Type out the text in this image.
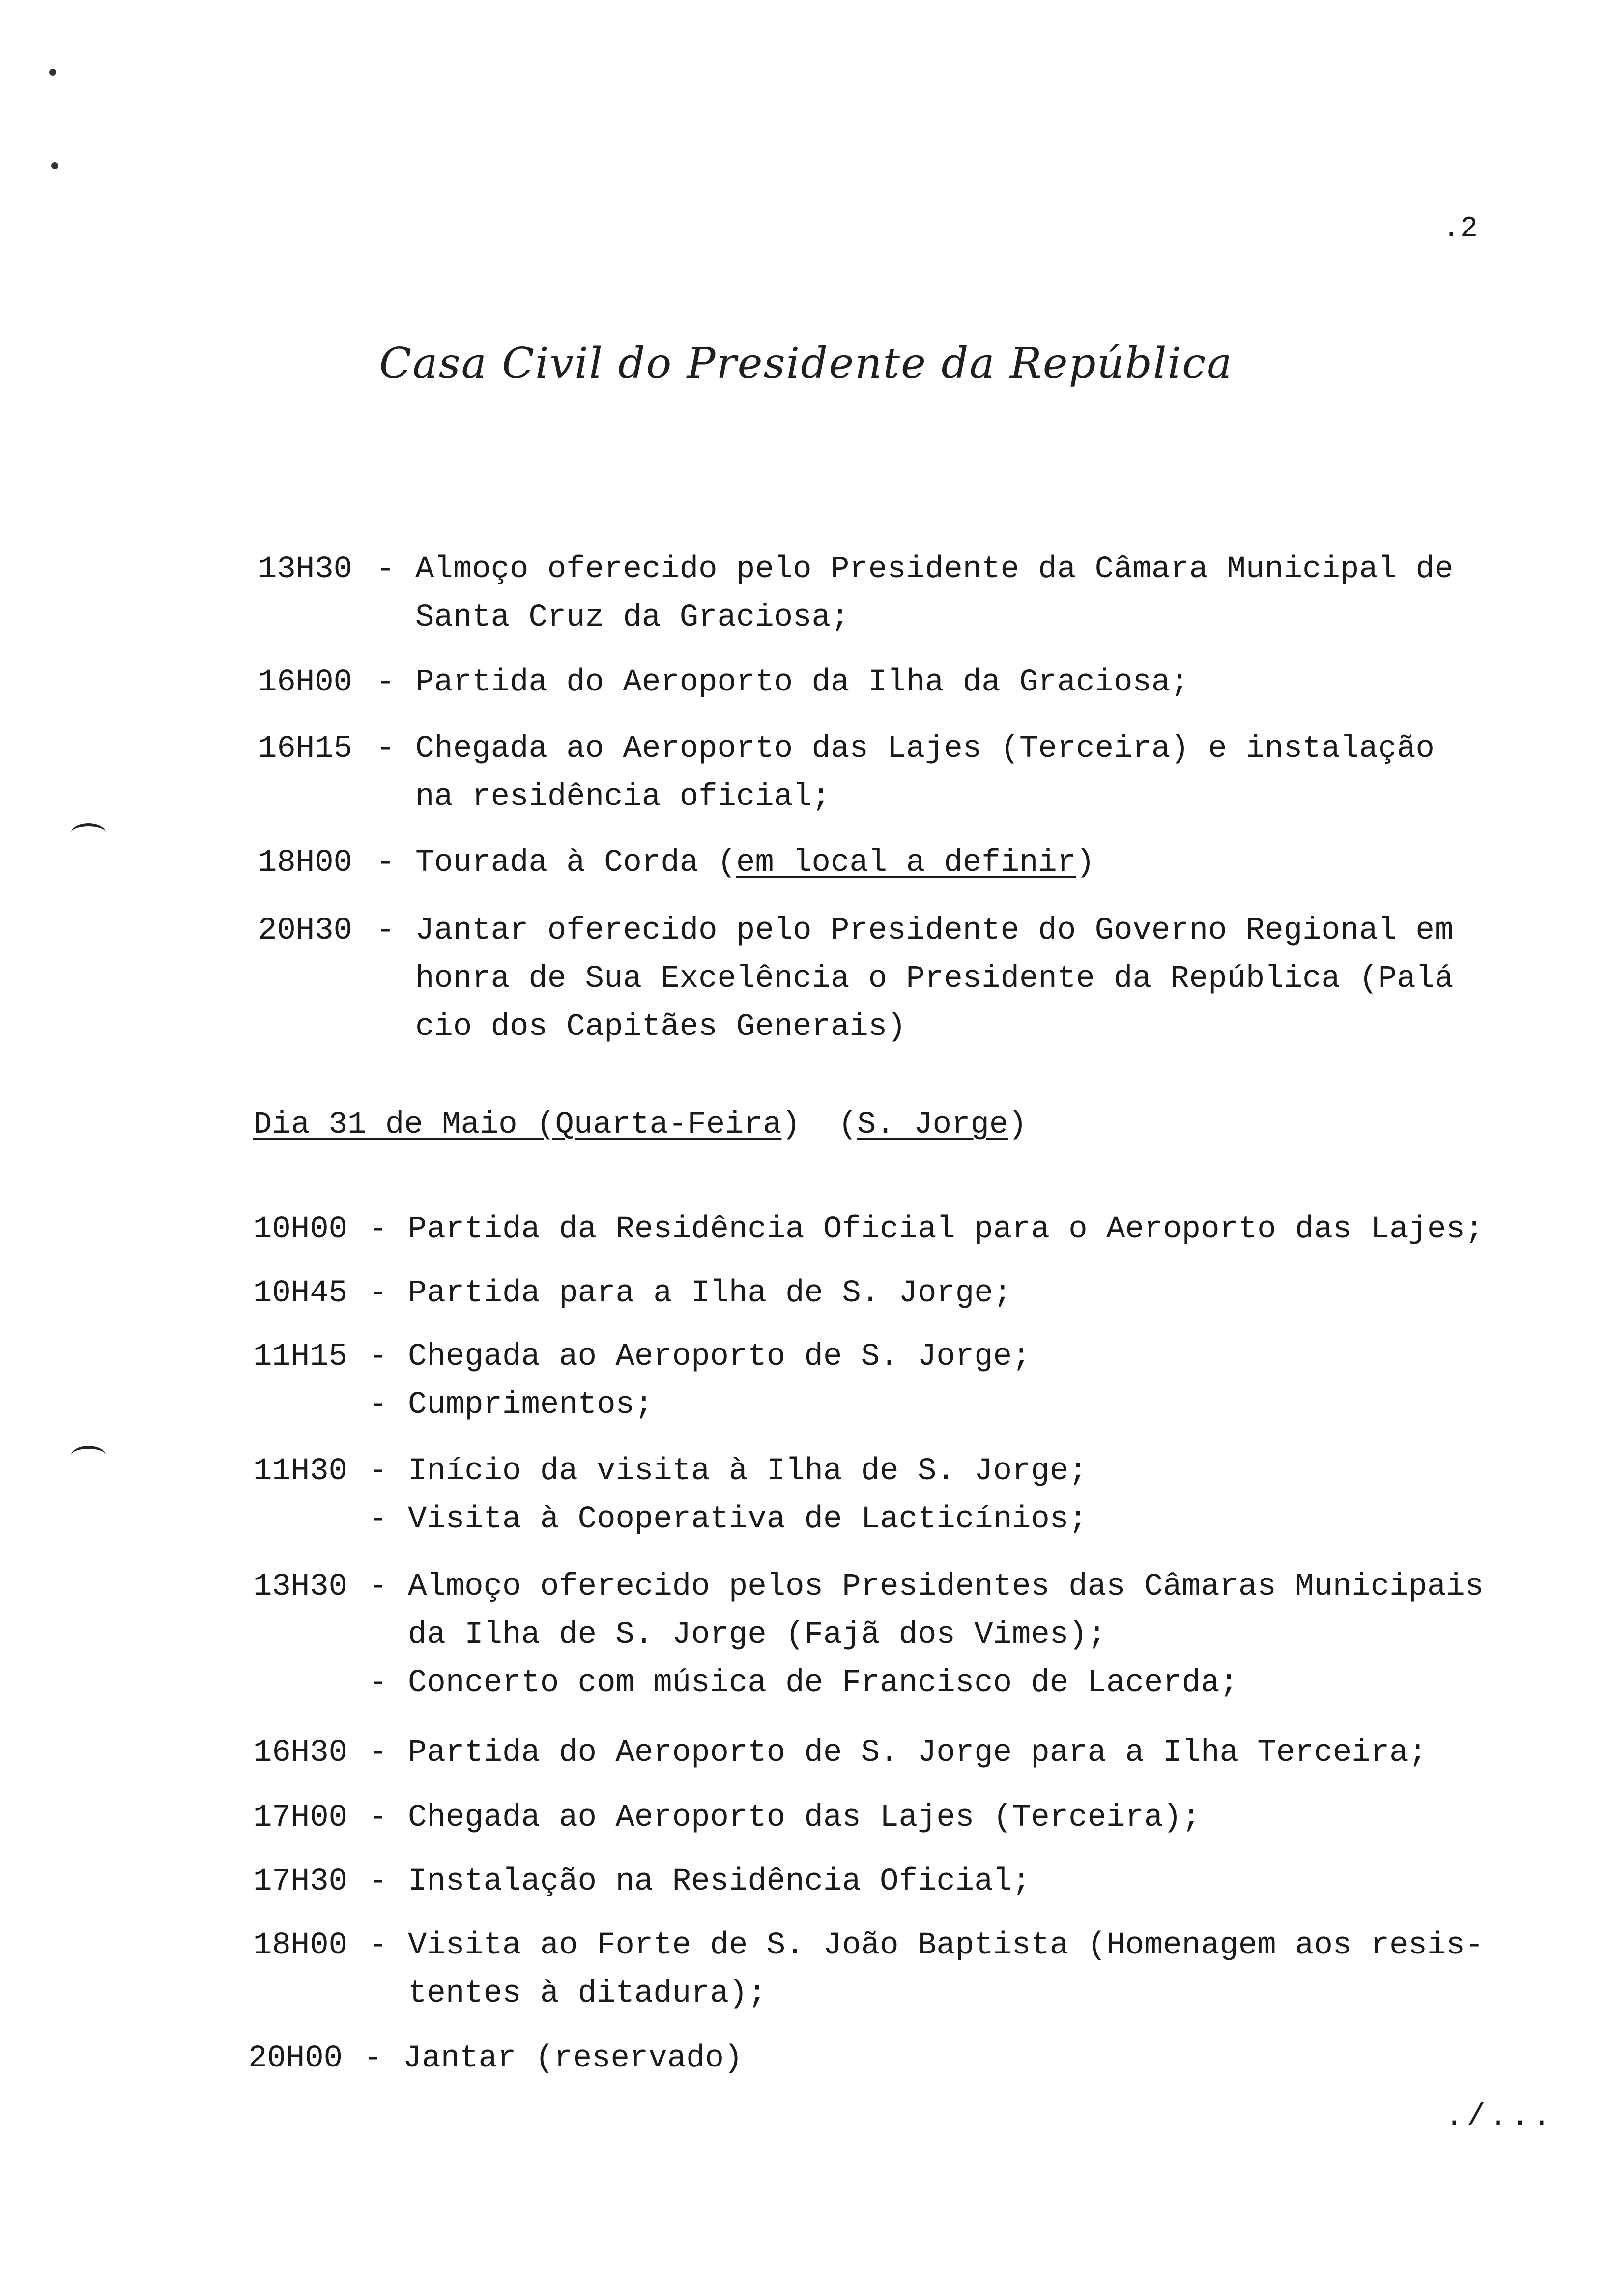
.2
Casa Civil do Presidente da República
13H30 - Almoço oferecido pelo Presidente da Câmara Municipal de
Santa Cruz da Graciosa;
16H00 - Partida do Aeroporto da Ilha da Graciosa;
16H15 - Chegada ao Aeroporto das Lajes (Terceira) e instalação
na residência oficial;
18H00 - Tourada à Corda (em local a definir)
20H30 - Jantar oferecido pelo Presidente do Governo Regional em
honra de Sua Excelência o Presidente da República (Palá
cio dos Capitães Generais)
Dia 31 de Maio (Quarta-Feira) (S. Jorge)
10H00 - Partida da Residência Oficial para o Aeroporto das Lajes;
10H45 - Partida para a Ilha de S. Jorge;
11H15 - Chegada ao Aeroporto de S. Jorge;
- Cumprimentos;
11H30 - Início da visita à Ilha de S. Jorge;
- Visita à Cooperativa de Lacticínios;
13H30 - Almoço oferecido pelos Presidentes das Câmaras Municipais
da Ilha de S. Jorge (Fajã dos Vimes);
- Concerto com música de Francisco de Lacerda;
16H30 - Partida do Aeroporto de S. Jorge para a Ilha Terceira;
17H00 - Chegada ao Aeroporto das Lajes (Terceira);
17H30 - Instalação na Residência Oficial;
18H00 - Visita ao Forte de S. João Baptista (Homenagem aos resis-
tentes à ditadura);
20H00 - Jantar (reservado)
./...
